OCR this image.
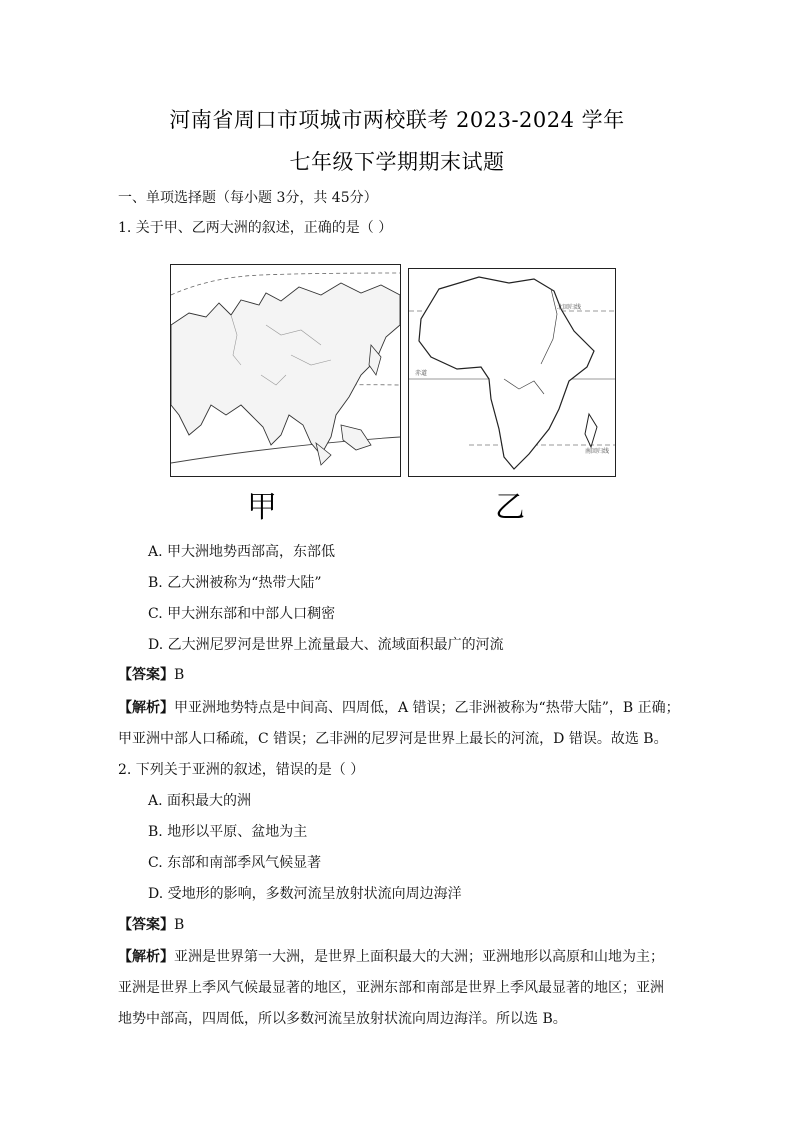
河南省周口市项城市两校联考 2023-2024 学年
七年级下学期期末试题
一、单项选择题（每小题 3分，共 45分）
1. 关于甲、乙两大洲的叙述，正确的是（ ）
北回归线
赤道
南回归线
甲	乙
A. 甲大洲地势西部高，东部低
B. 乙大洲被称为“热带大陆”
C. 甲大洲东部和中部人口稠密
D. 乙大洲尼罗河是世界上流量最大、流域面积最广的河流
【答案】B
【解析】甲亚洲地势特点是中间高、四周低，A 错误；乙非洲被称为“热带大陆”，B 正确；
甲亚洲中部人口稀疏，C 错误；乙非洲的尼罗河是世界上最长的河流，D 错误。故选 B。
2. 下列关于亚洲的叙述，错误的是（ ）
A. 面积最大的洲
B. 地形以平原、盆地为主
C. 东部和南部季风气候显著
D. 受地形的影响，多数河流呈放射状流向周边海洋
【答案】B
【解析】亚洲是世界第一大洲，是世界上面积最大的大洲；亚洲地形以高原和山地为主；
亚洲是世界上季风气候最显著的地区，亚洲东部和南部是世界上季风最显著的地区；亚洲
地势中部高，四周低，所以多数河流呈放射状流向周边海洋。所以选 B。
